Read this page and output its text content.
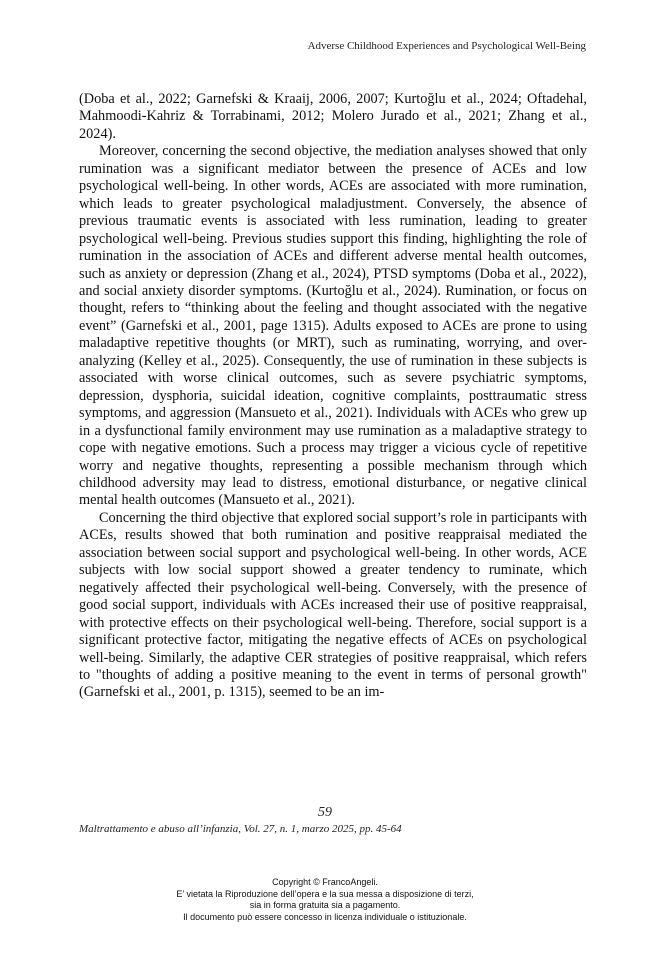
Adverse Childhood Experiences and Psychological Well-Being

(Doba et al., 2022; Garnefski & Kraaij, 2006, 2007; Kurtoğlu et al., 2024; Oftadehal, Mahmoodi-Kahriz & Torrabinami, 2012; Molero Jurado et al., 2021; Zhang et al., 2024).

Moreover, concerning the second objective, the mediation analyses showed that only rumination was a significant mediator between the presence of ACEs and low psychological well-being. In other words, ACEs are associated with more rumination, which leads to greater psychological maladjustment. Conversely, the absence of previous traumatic events is associated with less rumination, leading to greater psychological well-being. Previous studies support this finding, highlighting the role of rumination in the association of ACEs and different adverse mental health outcomes, such as anxiety or depression (Zhang et al., 2024), PTSD symptoms (Doba et al., 2022), and social anxiety disorder symptoms. (Kurtoğlu et al., 2024). Rumination, or focus on thought, refers to “thinking about the feeling and thought associated with the negative event” (Garnefski et al., 2001, page 1315). Adults exposed to ACEs are prone to using maladaptive repetitive thoughts (or MRT), such as ruminating, worrying, and over-analyzing (Kelley et al., 2025). Consequently, the use of rumination in these subjects is associated with worse clinical outcomes, such as severe psychiatric symptoms, depression, dysphoria, suicidal ideation, cognitive complaints, posttraumatic stress symptoms, and aggression (Mansueto et al., 2021). Individuals with ACEs who grew up in a dysfunctional family environment may use rumination as a maladaptive strategy to cope with negative emotions. Such a process may trigger a vicious cycle of repetitive worry and negative thoughts, representing a possible mechanism through which childhood adversity may lead to distress, emotional disturbance, or negative clinical mental health outcomes (Mansueto et al., 2021).

Concerning the third objective that explored social support’s role in participants with ACEs, results showed that both rumination and positive reappraisal mediated the association between social support and psychological well-being. In other words, ACE subjects with low social support showed a greater tendency to ruminate, which negatively affected their psychological well-being. Conversely, with the presence of good social support, individuals with ACEs increased their use of positive reappraisal, with protective effects on their psychological well-being. Therefore, social support is a significant protective factor, mitigating the negative effects of ACEs on psychological well-being. Similarly, the adaptive CER strategies of positive reappraisal, which refers to "thoughts of adding a positive meaning to the event in terms of personal growth" (Garnefski et al., 2001, p. 1315), seemed to be an im-

59
Maltrattamento e abuso all’infanzia, Vol. 27, n. 1, marzo 2025, pp. 45-64
Copyright © FrancoAngeli.
E’ vietata la Riproduzione dell’opera e la sua messa a disposizione di terzi,
sia in forma gratuita sia a pagamento.
Il documento può essere concesso in licenza individuale o istituzionale.
